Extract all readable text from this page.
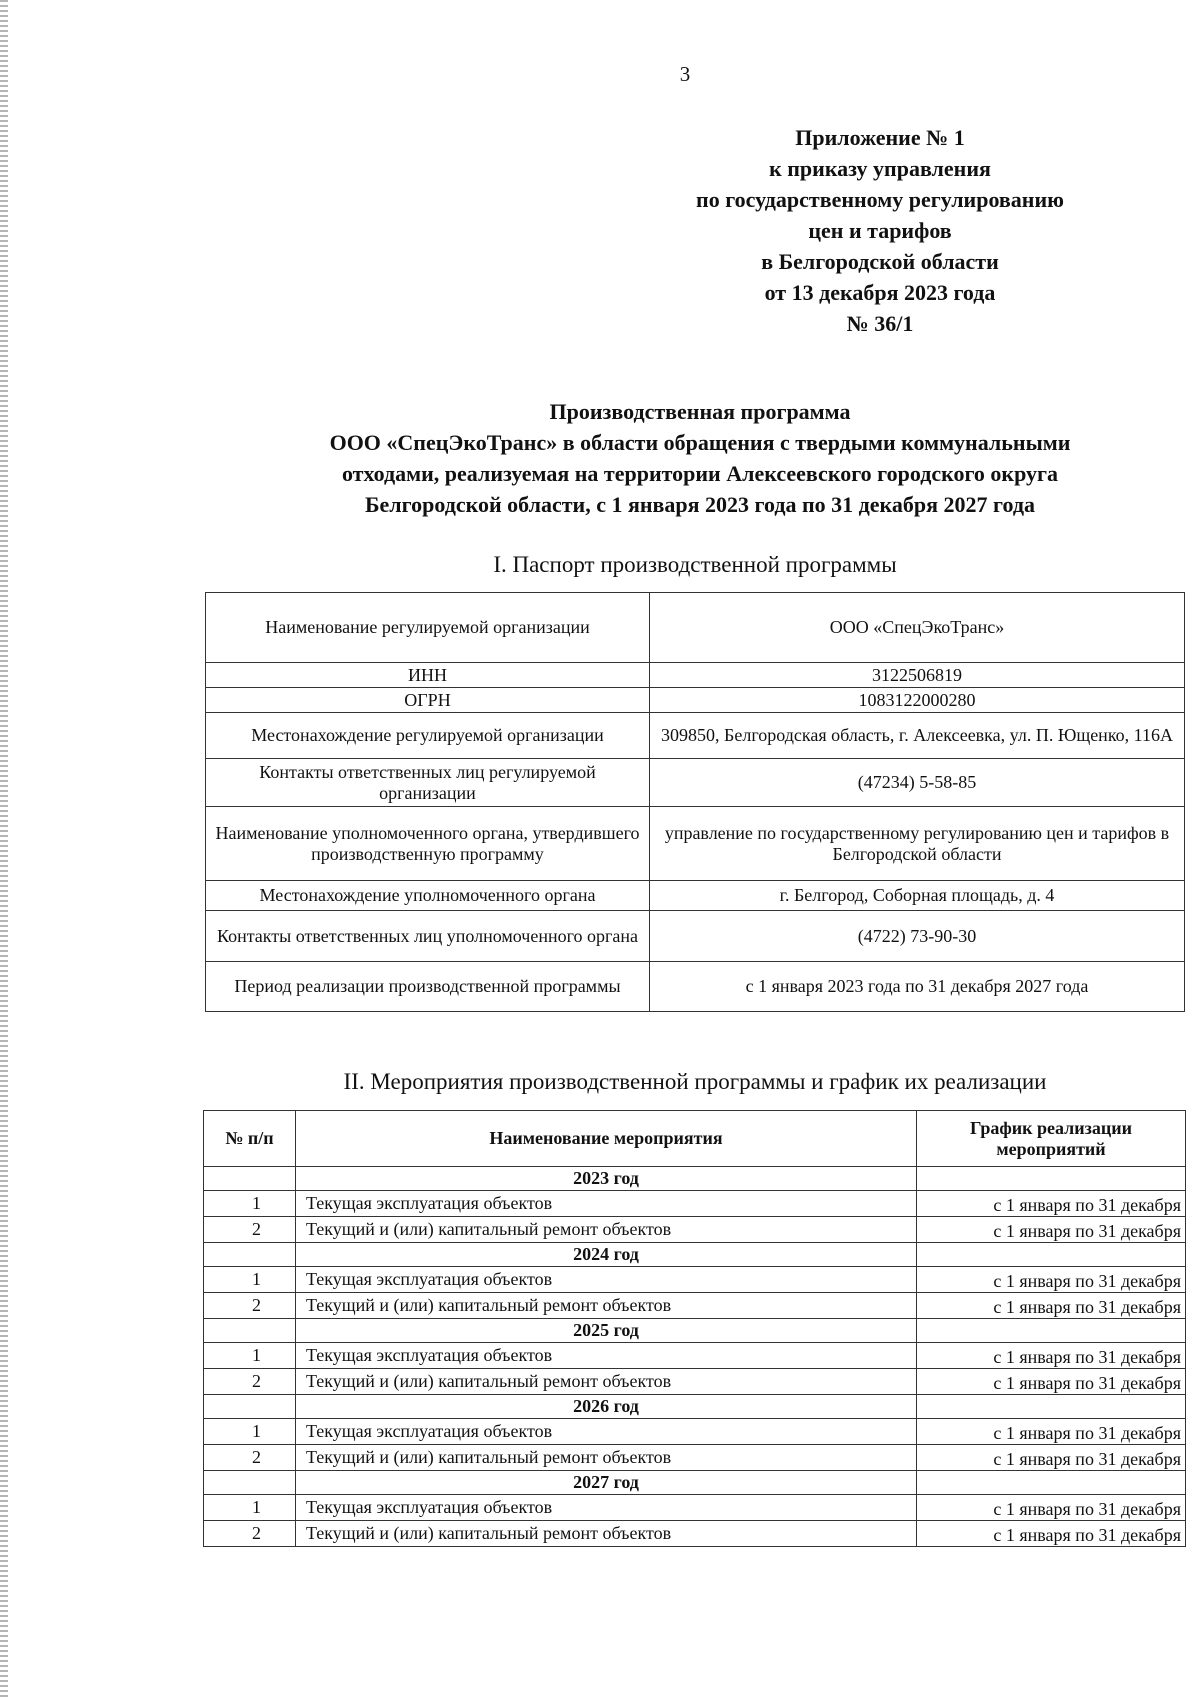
3
Приложение № 1
к приказу управления
по государственному регулированию
цен и тарифов
в Белгородской области
от 13 декабря 2023 года
№ 36/1
Производственная программа
ООО «СпецЭкоТранс» в области обращения с твердыми коммунальными
отходами, реализуемая на территории Алексеевского городского округа
Белгородской области, с 1 января 2023 года по 31 декабря 2027 года
I. Паспорт производственной программы
Наименование регулируемой организации	ООО «СпецЭкоТранс»
ИНН	3122506819
ОГРН	1083122000280
Местонахождение регулируемой организации	309850, Белгородская область, г. Алексеевка, ул. П. Ющенко, 116А
Контакты ответственных лиц регулируемой организации	(47234) 5-58-85
Наименование уполномоченного органа, утвердившего производственную программу	управление по государственному регулированию цен и тарифов в Белгородской области
Местонахождение уполномоченного органа	г. Белгород, Соборная площадь, д. 4
Контакты ответственных лиц уполномоченного органа	(4722) 73-90-30
Период реализации производственной программы	с 1 января 2023 года по 31 декабря 2027 года
II. Мероприятия производственной программы и график их реализации
№ п/п	Наименование мероприятия	График реализации мероприятий
	2023 год	
1	Текущая эксплуатация объектов	с 1 января по 31 декабря
2	Текущий и (или) капитальный ремонт объектов	с 1 января по 31 декабря
	2024 год	
1	Текущая эксплуатация объектов	с 1 января по 31 декабря
2	Текущий и (или) капитальный ремонт объектов	с 1 января по 31 декабря
	2025 год	
1	Текущая эксплуатация объектов	с 1 января по 31 декабря
2	Текущий и (или) капитальный ремонт объектов	с 1 января по 31 декабря
	2026 год	
1	Текущая эксплуатация объектов	с 1 января по 31 декабря
2	Текущий и (или) капитальный ремонт объектов	с 1 января по 31 декабря
	2027 год	
1	Текущая эксплуатация объектов	с 1 января по 31 декабря
2	Текущий и (или) капитальный ремонт объектов	с 1 января по 31 декабря
